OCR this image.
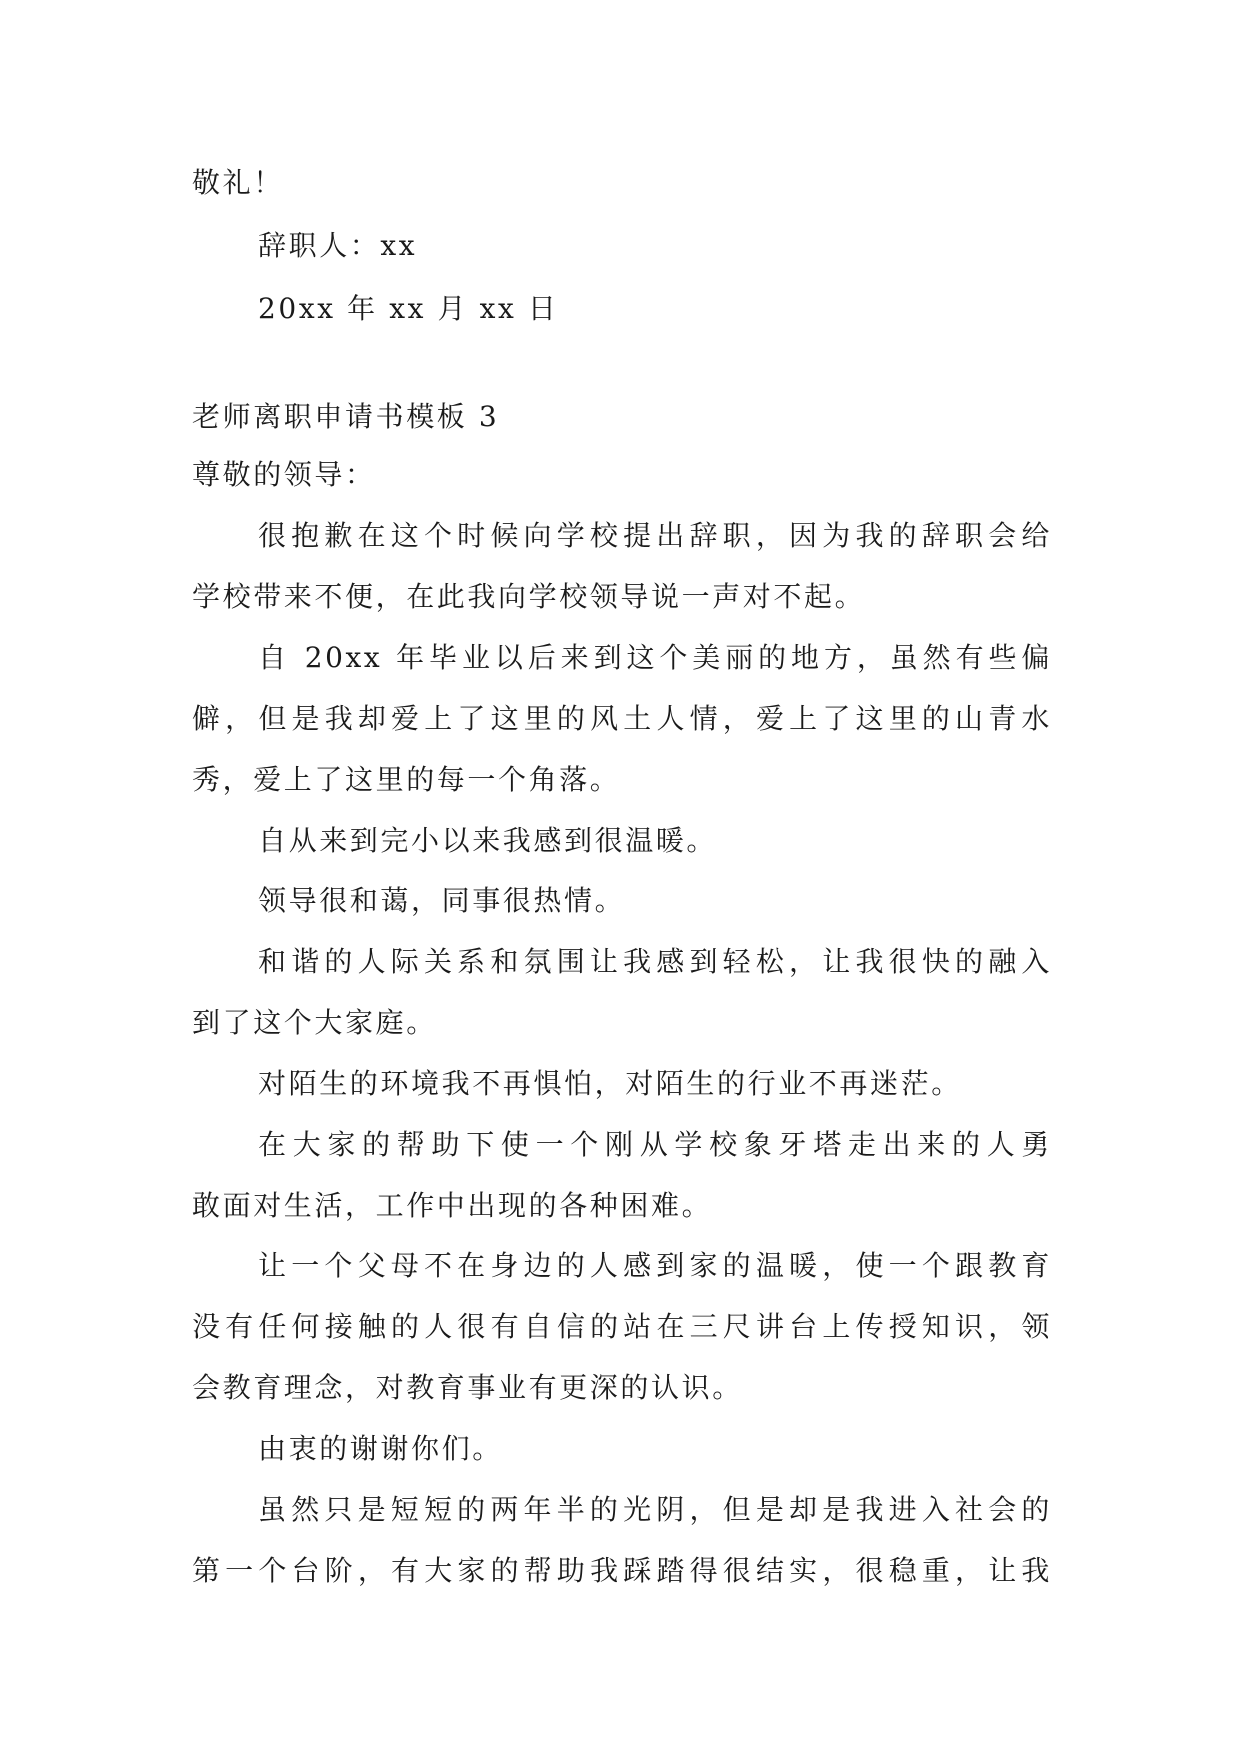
敬礼！
辞职人：xx
20xx 年 xx 月 xx 日
老师离职申请书模板 3
尊敬的领导：
很抱歉在这个时候向学校提出辞职，因为我的辞职会给
学校带来不便，在此我向学校领导说一声对不起。
自 20xx 年毕业以后来到这个美丽的地方，虽然有些偏
僻，但是我却爱上了这里的风土人情，爱上了这里的山青水
秀，爱上了这里的每一个角落。
自从来到完小以来我感到很温暖。
领导很和蔼，同事很热情。
和谐的人际关系和氛围让我感到轻松，让我很快的融入
到了这个大家庭。
对陌生的环境我不再惧怕，对陌生的行业不再迷茫。
在大家的帮助下使一个刚从学校象牙塔走出来的人勇
敢面对生活，工作中出现的各种困难。
让一个父母不在身边的人感到家的温暖，使一个跟教育
没有任何接触的人很有自信的站在三尺讲台上传授知识，领
会教育理念，对教育事业有更深的认识。
由衷的谢谢你们。
虽然只是短短的两年半的光阴，但是却是我进入社会的
第一个台阶，有大家的帮助我踩踏得很结实，很稳重，让我
